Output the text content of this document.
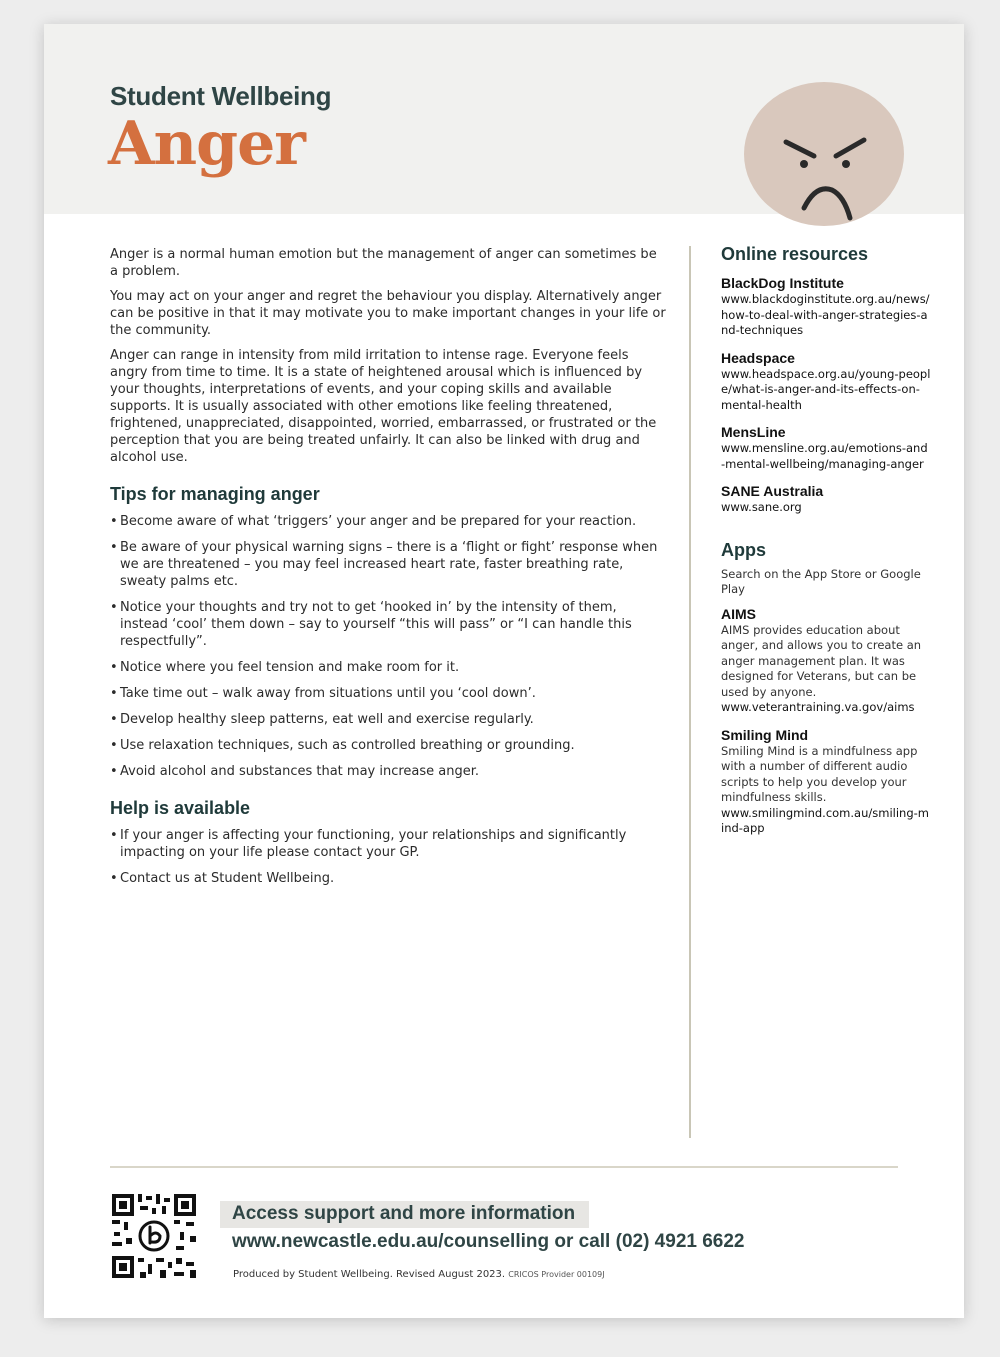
Student Wellbeing
Anger

Anger is a normal human emotion but the management of anger can sometimes be a problem.

You may act on your anger and regret the behaviour you display. Alternatively anger can be positive in that it may motivate you to make important changes in your life or the community.

Anger can range in intensity from mild irritation to intense rage. Everyone feels angry from time to time. It is a state of heightened arousal which is influenced by your thoughts, interpretations of events, and your coping skills and available supports. It is usually associated with other emotions like feeling threatened, frightened, unappreciated, disappointed, worried, embarrassed, or frustrated or the perception that you are being treated unfairly. It can also be linked with drug and alcohol use.

Tips for managing anger
• Become aware of what ‘triggers’ your anger and be prepared for your reaction.
• Be aware of your physical warning signs – there is a ‘flight or fight’ response when we are threatened – you may feel increased heart rate, faster breathing rate, sweaty palms etc.
• Notice your thoughts and try not to get ‘hooked in’ by the intensity of them, instead ‘cool’ them down – say to yourself “this will pass” or “I can handle this respectfully”.
• Notice where you feel tension and make room for it.
• Take time out – walk away from situations until you ‘cool down’.
• Develop healthy sleep patterns, eat well and exercise regularly.
• Use relaxation techniques, such as controlled breathing or grounding.
• Avoid alcohol and substances that may increase anger.
Help is available
• If your anger is affecting your functioning, your relationships and significantly impacting on your life please contact your GP.
• Contact us at Student Wellbeing.
Online resources
BlackDog Institute
www.blackdoginstitute.org.au/news/how-to-deal-with-anger-strategies-and-techniques
Headspace
www.headspace.org.au/young-people/what-is-anger-and-its-effects-on-mental-health
MensLine
www.mensline.org.au/emotions-and-mental-wellbeing/managing-anger
SANE Australia
www.sane.org
Apps
Search on the App Store or Google Play
AIMS
AIMS provides education about anger, and allows you to create an anger management plan. It was designed for Veterans, but can be used by anyone.
www.veterantraining.va.gov/aims
Smiling Mind
Smiling Mind is a mindfulness app with a number of different audio scripts to help you develop your mindfulness skills.
www.smilingmind.com.au/smiling-mind-app
Access support and more information
www.newcastle.edu.au/counselling or call (02) 4921 6622
Produced by Student Wellbeing. Revised August 2023. CRICOS Provider 00109J
